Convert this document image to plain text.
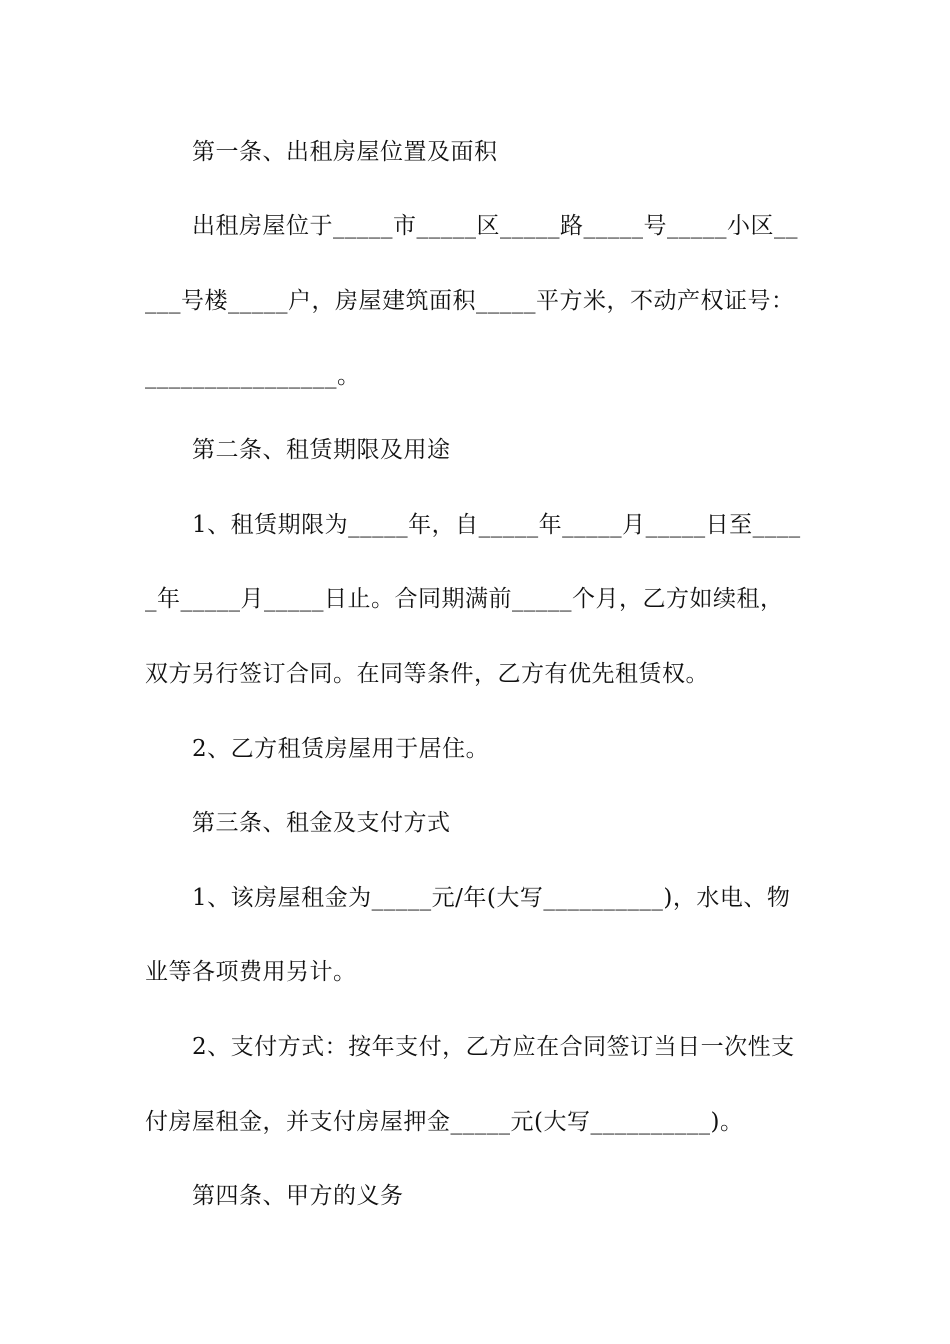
第一条、出租房屋位置及面积
出租房屋位于_____市_____区_____路_____号_____小区__
___号楼_____户，房屋建筑面积_____平方米，不动产权证号：
________________。
第二条、租赁期限及用途
1、租赁期限为_____年，自_____年_____月_____日至____
_年_____月_____日止。合同期满前_____个月，乙方如续租，
双方另行签订合同。在同等条件，乙方有优先租赁权。
2、乙方租赁房屋用于居住。
第三条、租金及支付方式
1、该房屋租金为_____元/年(大写__________)，水电、物
业等各项费用另计。
2、支付方式：按年支付，乙方应在合同签订当日一次性支
付房屋租金，并支付房屋押金_____元(大写__________)。
第四条、甲方的义务
